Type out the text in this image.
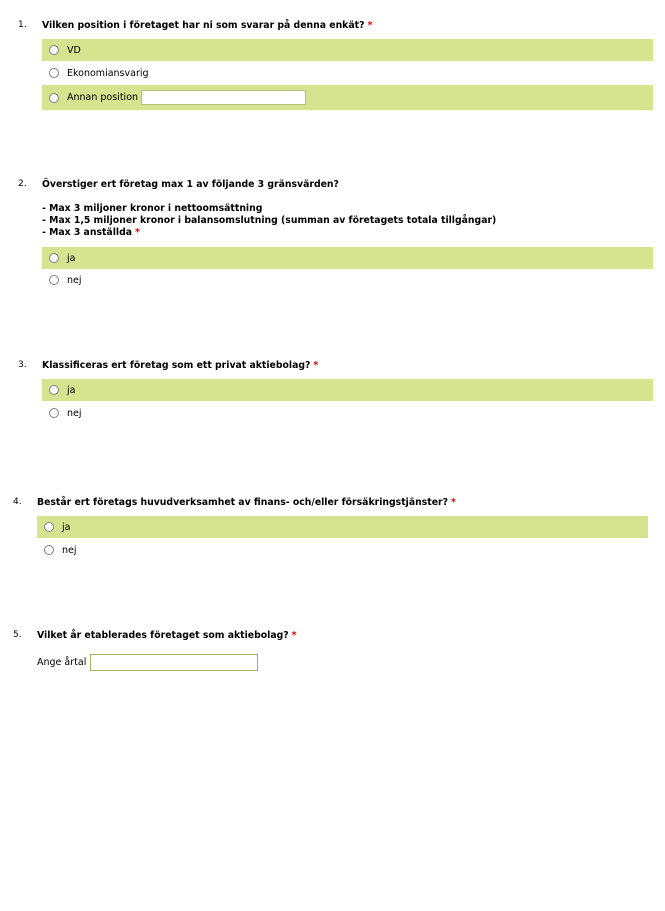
1. Vilken position i företaget har ni som svarar på denna enkät? *
VD
Ekonomiansvarig
Annan position
2. Överstiger ert företag max 1 av följande 3 gränsvärden?

- Max 3 miljoner kronor i nettoomsättning
- Max 1,5 miljoner kronor i balansomslutning (summan av företagets totala tillgångar)
- Max 3 anställda *
ja
nej
3. Klassificeras ert företag som ett privat aktiebolag? *
ja
nej
4. Består ert företags huvudverksamhet av finans- och/eller försäkringstjänster? *
ja
nej
5. Vilket år etablerades företaget som aktiebolag? *
Ange årtal
